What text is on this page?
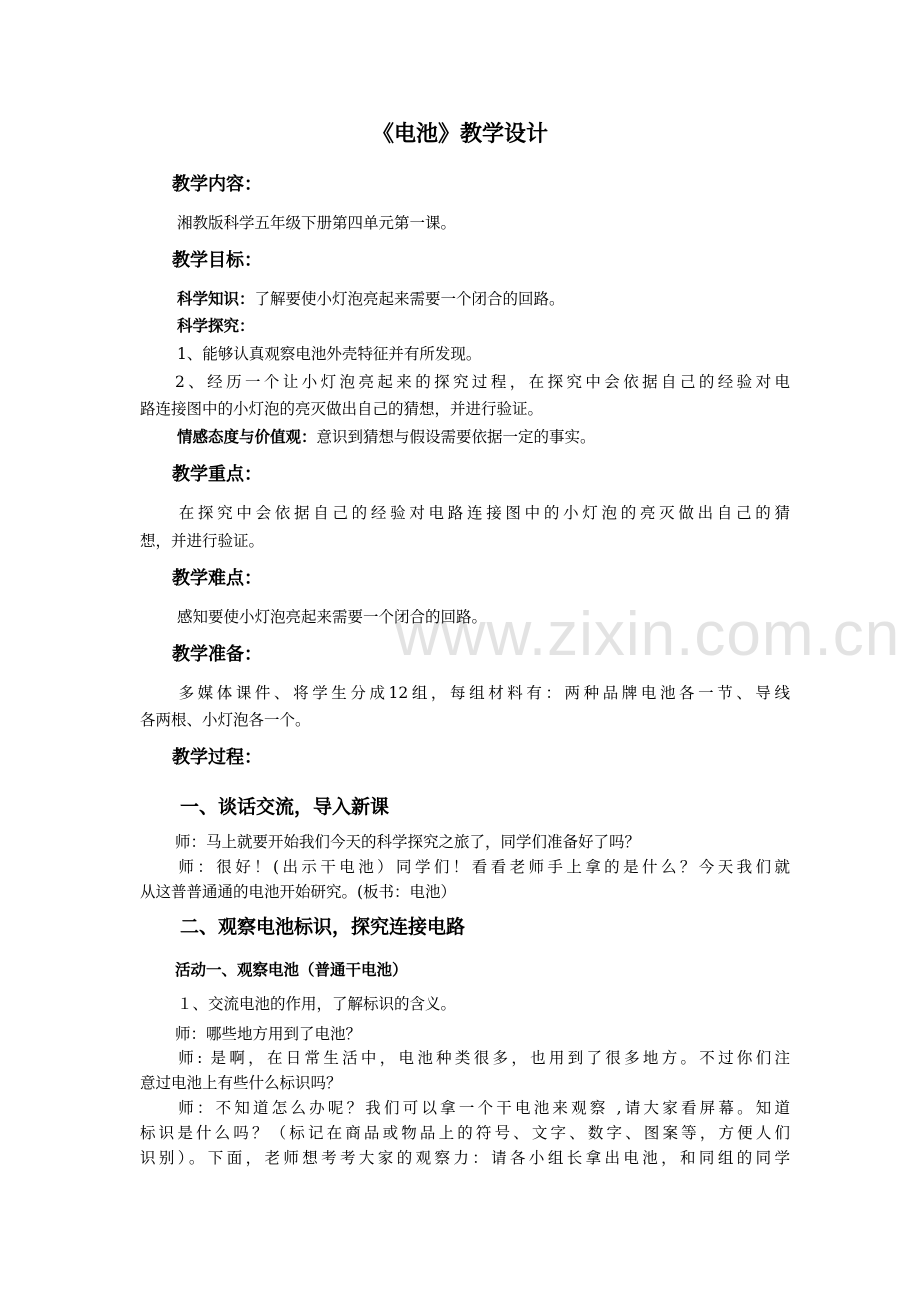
www.zixin.com.cn
《电池》教学设计
教学内容：
湘教版科学五年级下册第四单元第一课。
教学目标：
科学知识：了解要使小灯泡亮起来需要一个闭合的回路。
科学探究：
1、能够认真观察电池外壳特征并有所发现。
2、经历一个让小灯泡亮起来的探究过程，在探究中会依据自己的经验对电
路连接图中的小灯泡的亮灭做出自己的猜想，并进行验证。
情感态度与价值观：意识到猜想与假设需要依据一定的事实。
教学重点：
在探究中会依据自己的经验对电路连接图中的小灯泡的亮灭做出自己的猜
想，并进行验证。
教学难点：
感知要使小灯泡亮起来需要一个闭合的回路。
教学准备：
多媒体课件、将学生分成12组，每组材料有：两种品牌电池各一节、导线
各两根、小灯泡各一个。
教学过程：
一、谈话交流，导入新课
师：马上就要开始我们今天的科学探究之旅了，同学们准备好了吗？
师：很好！(出示干电池）同学们！看看老师手上拿的是什么？今天我们就
从这普普通通的电池开始研究。(板书：电池）
二、观察电池标识，探究连接电路
活动一、观察电池（普通干电池）
１、交流电池的作用，了解标识的含义。
师：哪些地方用到了电池？
师: 是啊，在日常生活中，电池种类很多，也用到了很多地方。不过你们注
意过电池上有些什么标识吗？
师：不知道怎么办呢？我们可以拿一个干电池来观察 ,请大家看屏幕。知道
标识是什么吗？（标记在商品或物品上的符号、文字、数字、图案等，方便人们
识别）。下面，老师想考考大家的观察力：请各小组长拿出电池，和同组的同学
